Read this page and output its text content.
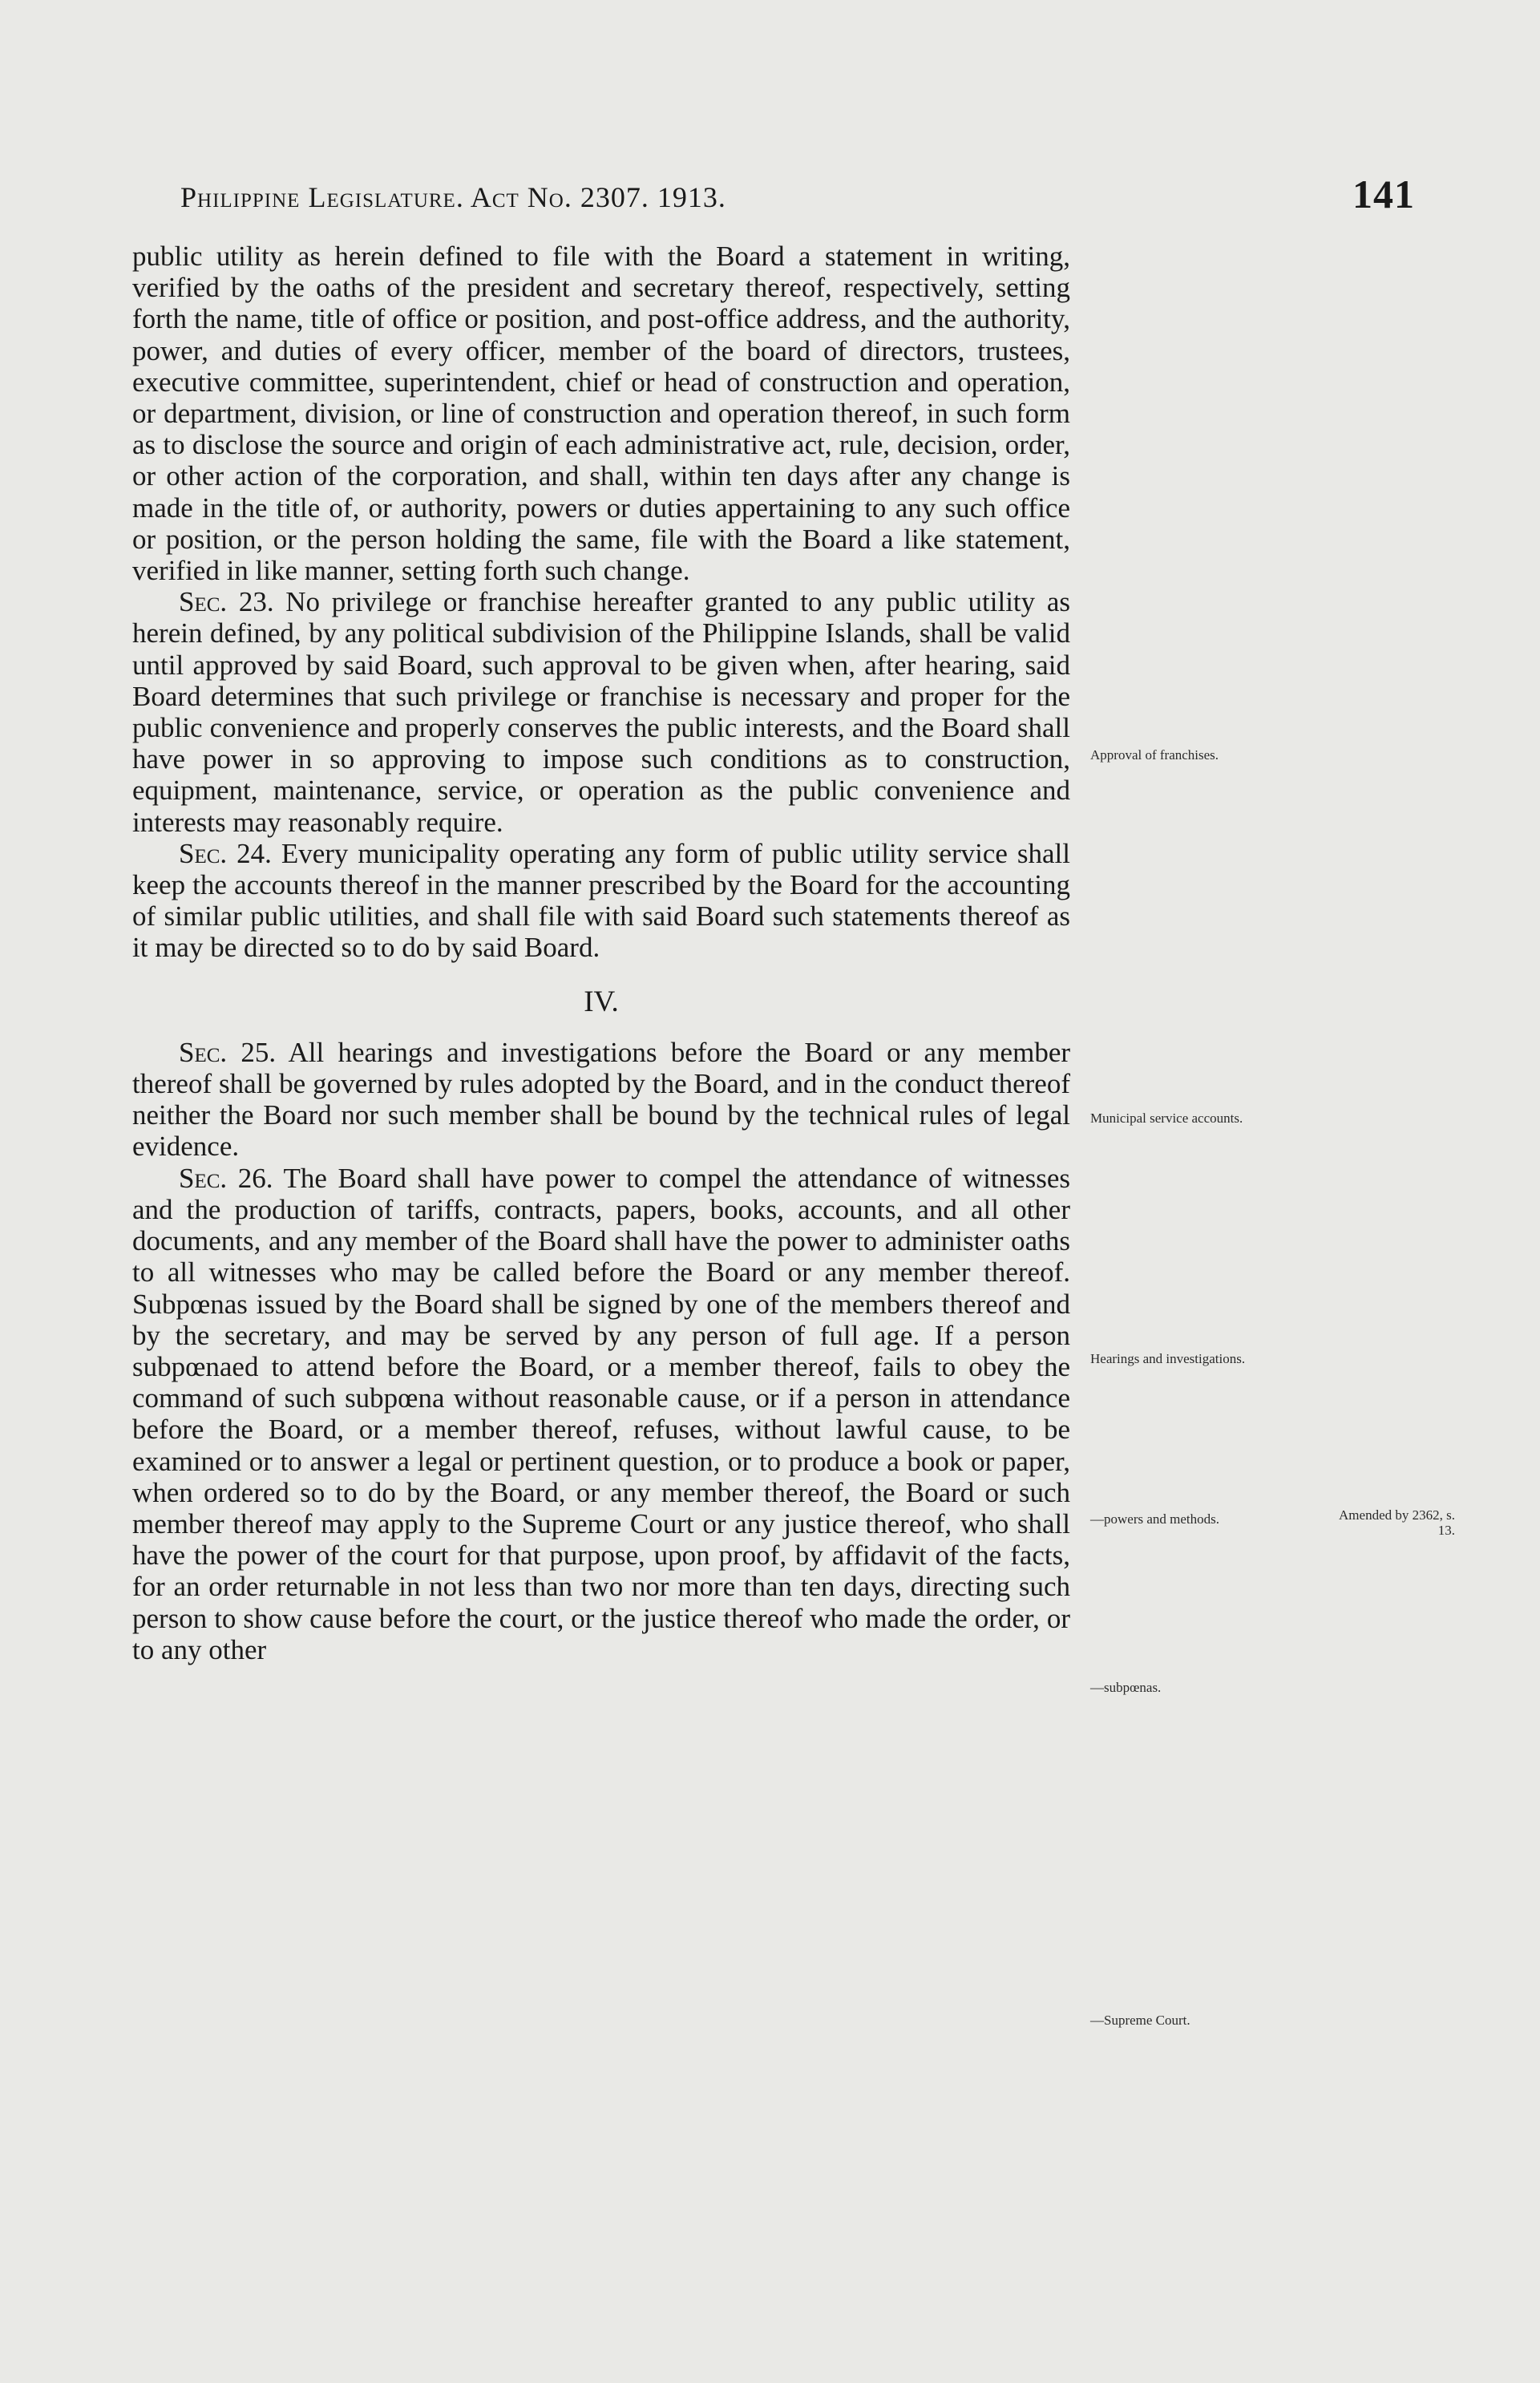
Philippine Legislature. Act No. 2307. 1913.	141

public utility as herein defined to file with the Board a statement in writing, verified by the oaths of the president and secretary thereof, respectively, setting forth the name, title of office or position, and post-office address, and the authority, power, and duties of every officer, member of the board of directors, trustees, executive committee, superintendent, chief or head of construction and operation, or department, division, or line of construction and operation thereof, in such form as to disclose the source and origin of each administrative act, rule, decision, order, or other action of the corporation, and shall, within ten days after any change is made in the title of, or authority, powers or duties appertaining to any such office or position, or the person holding the same, file with the Board a like statement, verified in like manner, setting forth such change.

Sec. 23. No privilege or franchise hereafter granted to any public utility as herein defined, by any political subdivision of the Philippine Islands, shall be valid until approved by said Board, such approval to be given when, after hearing, said Board determines that such privilege or franchise is necessary and proper for the public convenience and properly conserves the public interests, and the Board shall have power in so approving to impose such conditions as to construction, equipment, maintenance, service, or operation as the public convenience and interests may reasonably require.

Sec. 24. Every municipality operating any form of public utility service shall keep the accounts thereof in the manner prescribed by the Board for the accounting of similar public utilities, and shall file with said Board such statements thereof as it may be directed so to do by said Board.

IV.

Sec. 25. All hearings and investigations before the Board or any member thereof shall be governed by rules adopted by the Board, and in the conduct thereof neither the Board nor such member shall be bound by the technical rules of legal evidence.

Sec. 26. The Board shall have power to compel the attendance of witnesses and the production of tariffs, contracts, papers, books, accounts, and all other documents, and any member of the Board shall have the power to administer oaths to all witnesses who may be called before the Board or any member thereof. Subpœnas issued by the Board shall be signed by one of the members thereof and by the secretary, and may be served by any person of full age. If a person subpœnaed to attend before the Board, or a member thereof, fails to obey the command of such subpœna without reasonable cause, or if a person in attendance before the Board, or a member thereof, refuses, without lawful cause, to be examined or to answer a legal or pertinent question, or to produce a book or paper, when ordered so to do by the Board, or any member thereof, the Board or such member thereof may apply to the Supreme Court or any justice thereof, who shall have the power of the court for that purpose, upon proof, by affidavit of the facts, for an order returnable in not less than two nor more than ten days, directing such person to show cause before the court, or the justice thereof who made the order, or to any other

Approval of franchises.
Municipal service accounts.
Hearings and investigations.
—powers and methods.	Amended by 2362, s. 13.
—subpœnas.
—Supreme Court.
